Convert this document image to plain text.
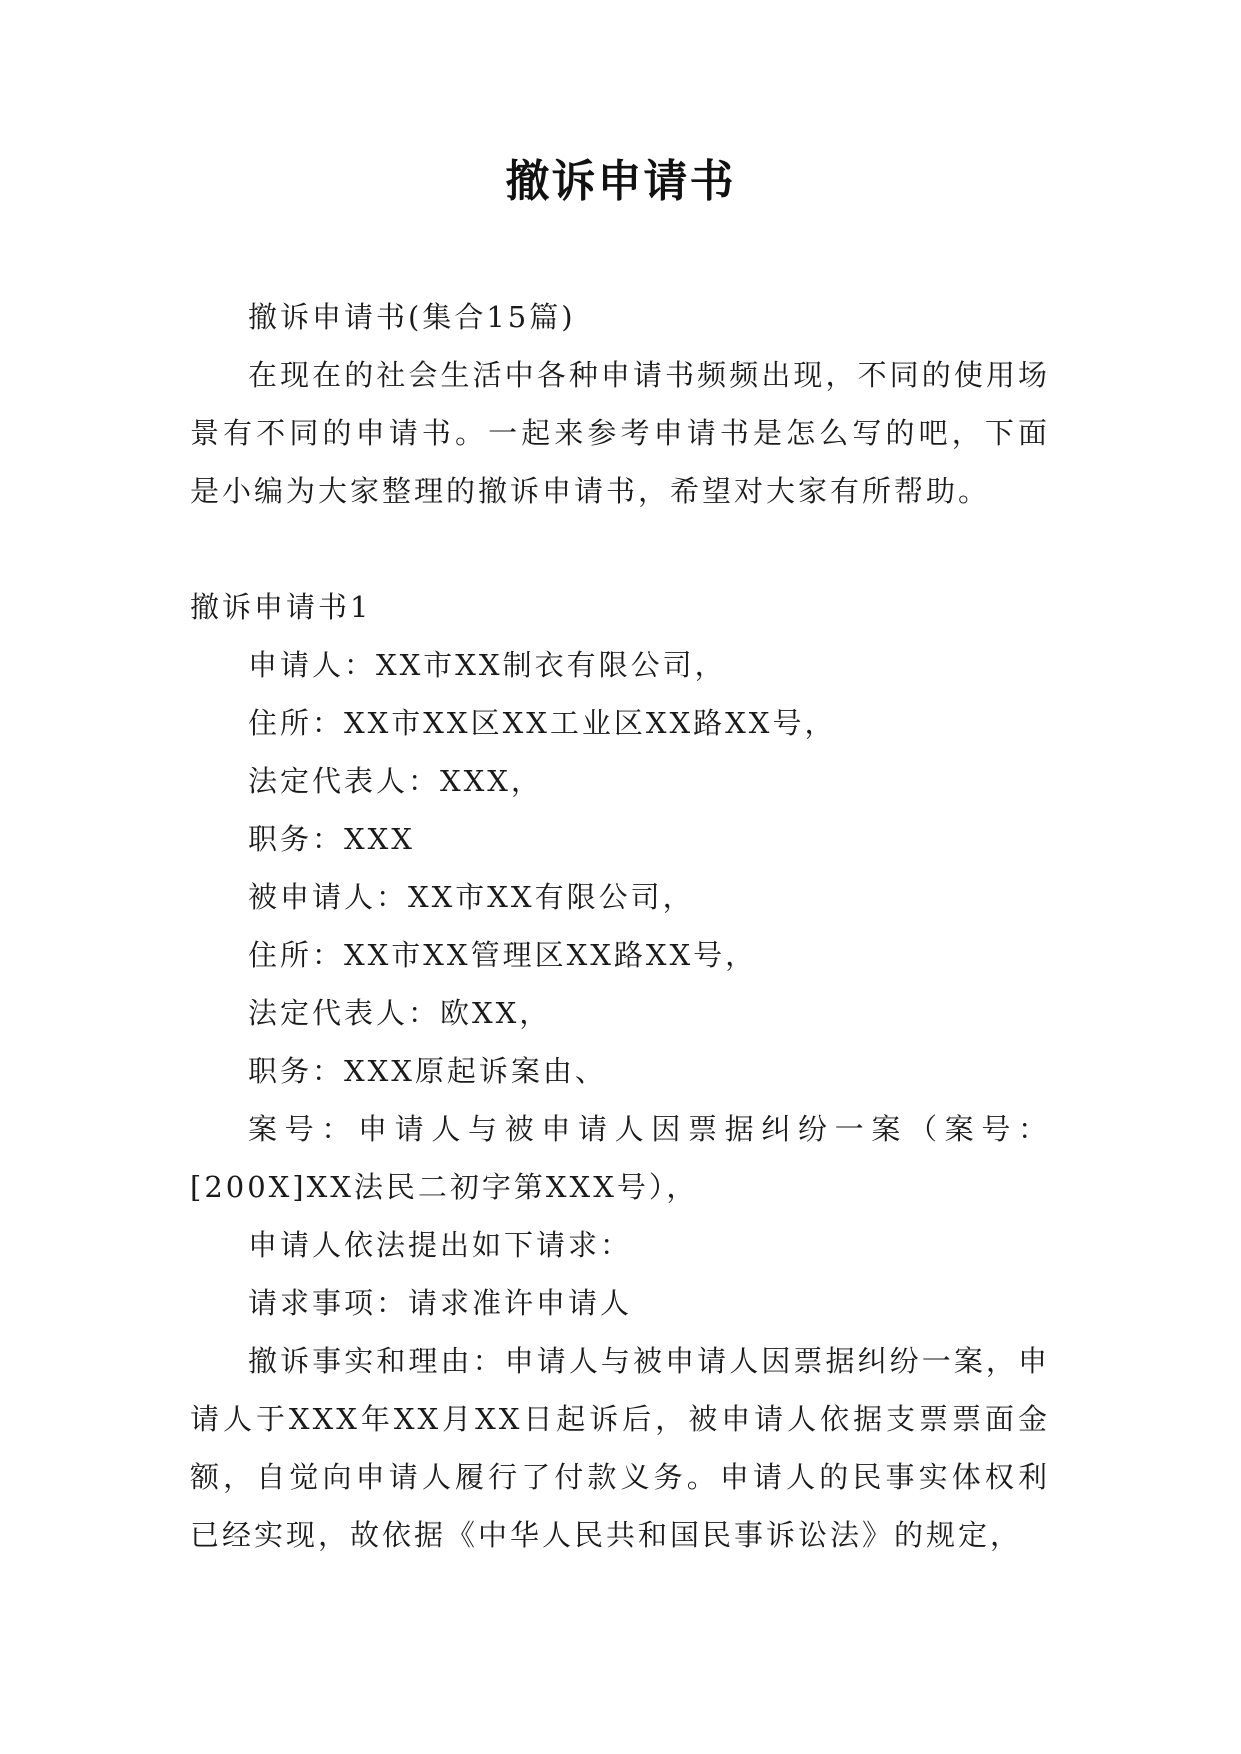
撤诉申请书

撤诉申请书(集合15篇)

在现在的社会生活中各种申请书频频出现，不同的使用场景有不同的申请书。一起来参考申请书是怎么写的吧，下面是小编为大家整理的撤诉申请书，希望对大家有所帮助。

撤诉申请书1

申请人：XX市XX制衣有限公司，

住所：XX市XX区XX工业区XX路XX号，

法定代表人：XXX，

职务：XXX

被申请人：XX市XX有限公司，

住所：XX市XX管理区XX路XX号，

法定代表人：欧XX，

职务：XXX原起诉案由、

案号：申请人与被申请人因票据纠纷一案（案号：[200X]XX法民二初字第XXX号），

申请人依法提出如下请求：

请求事项：请求准许申请人

撤诉事实和理由：申请人与被申请人因票据纠纷一案，申请人于XXX年XX月XX日起诉后，被申请人依据支票票面金额，自觉向申请人履行了付款义务。申请人的民事实体权利已经实现，故依据《中华人民共和国民事诉讼法》的规定，
